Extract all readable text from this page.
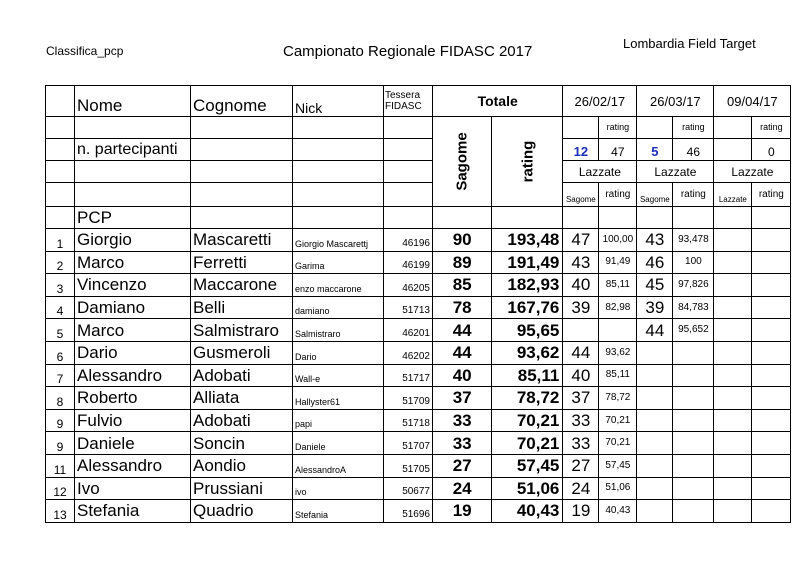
Classifica_pcp	Campionato Regionale FIDASC 2017	Lombardia Field Target
	Nome	Cognome	Nick	Tessera
FIDASC	Totale		26/02/17		26/03/17		09/04/17	
					Sagome	rating		rating		rating		rating
	n. partecipanti						12	47	5	46		0
							Lazzate		Lazzate		Lazzate	
							Sagome	rating	Sagome	rating	Lazzate	rating
	PCP											
1	Giorgio	Mascaretti	Giorgio Mascarettj	46196	90	193,48	47	100,00	43	93,478		
2	Marco	Ferretti	Garima	46199	89	191,49	43	91,49	46	100		
3	Vincenzo	Maccarone	enzo maccarone	46205	85	182,93	40	85,11	45	97,826		
4	Damiano	Belli	damiano	51713	78	167,76	39	82,98	39	84,783		
5	Marco	Salmistraro	Salmistraro	46201	44	95,65			44	95,652		
6	Dario	Gusmeroli	Dario	46202	44	93,62	44	93,62				
7	Alessandro	Adobati	Wall-e	51717	40	85,11	40	85,11				
8	Roberto	Alliata	Hallyster61	51709	37	78,72	37	78,72				
9	Fulvio	Adobati	papi	51718	33	70,21	33	70,21				
9	Daniele	Soncin	Daniele	51707	33	70,21	33	70,21				
11	Alessandro	Aondio	AlessandroA	51705	27	57,45	27	57,45				
12	Ivo	Prussiani	ivo	50677	24	51,06	24	51,06				
13	Stefania	Quadrio	Stefania	51696	19	40,43	19	40,43				
